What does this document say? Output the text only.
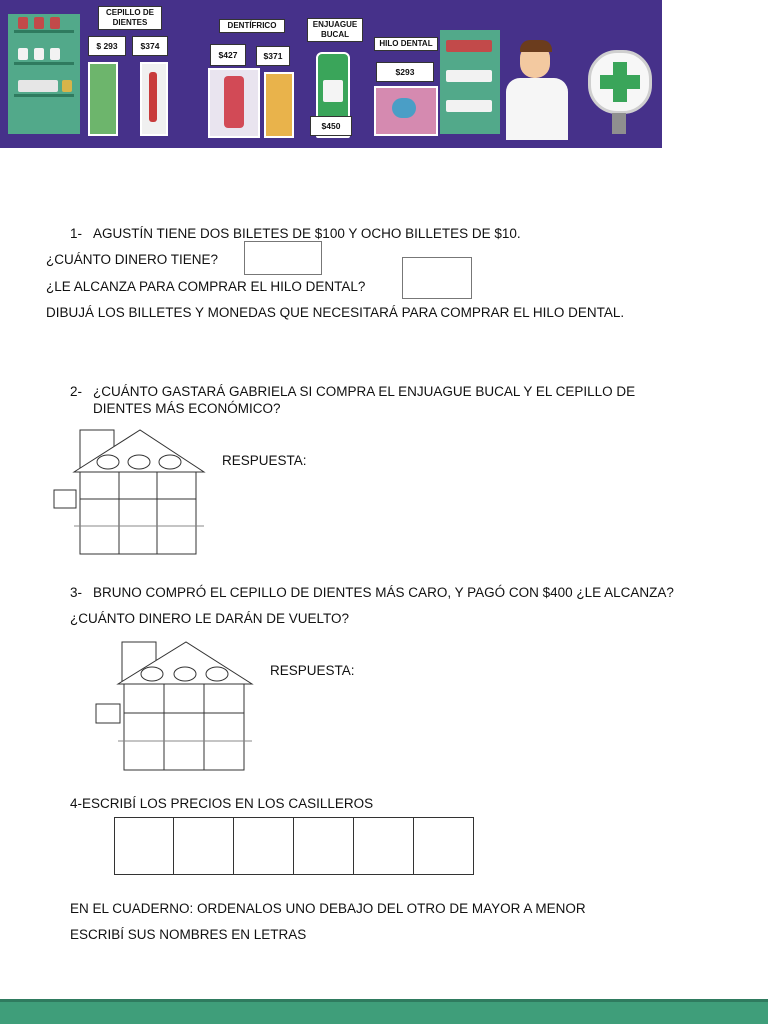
CEPILLO DE DIENTES	DENTÍFRICO	ENJUAGUE BUCAL
HILO DENTAL
$ 293	$374
$427	$371
$450
$293
1- AGUSTÍN TIENE DOS BILETES DE $100 Y OCHO BILLETES DE $10.
¿CUÁNTO DINERO TIENE?
¿LE ALCANZA PARA COMPRAR EL HILO DENTAL?
DIBUJÁ LOS BILLETES Y MONEDAS QUE NECESITARÁ PARA COMPRAR EL HILO DENTAL.
2- ¿CUÁNTO GASTARÁ GABRIELA SI COMPRA EL ENJUAGUE BUCAL Y EL CEPILLO DE
DIENTES MÁS ECONÓMICO?
RESPUESTA:
3- BRUNO COMPRÓ EL CEPILLO DE DIENTES MÁS CARO, Y PAGÓ CON $400 ¿LE ALCANZA?
¿CUÁNTO DINERO LE DARÁN DE VUELTO?
RESPUESTA:
4-ESCRIBÍ LOS PRECIOS EN LOS CASILLEROS
EN EL CUADERNO: ORDENALOS UNO DEBAJO DEL OTRO DE MAYOR A MENOR
ESCRIBÍ SUS NOMBRES EN LETRAS
